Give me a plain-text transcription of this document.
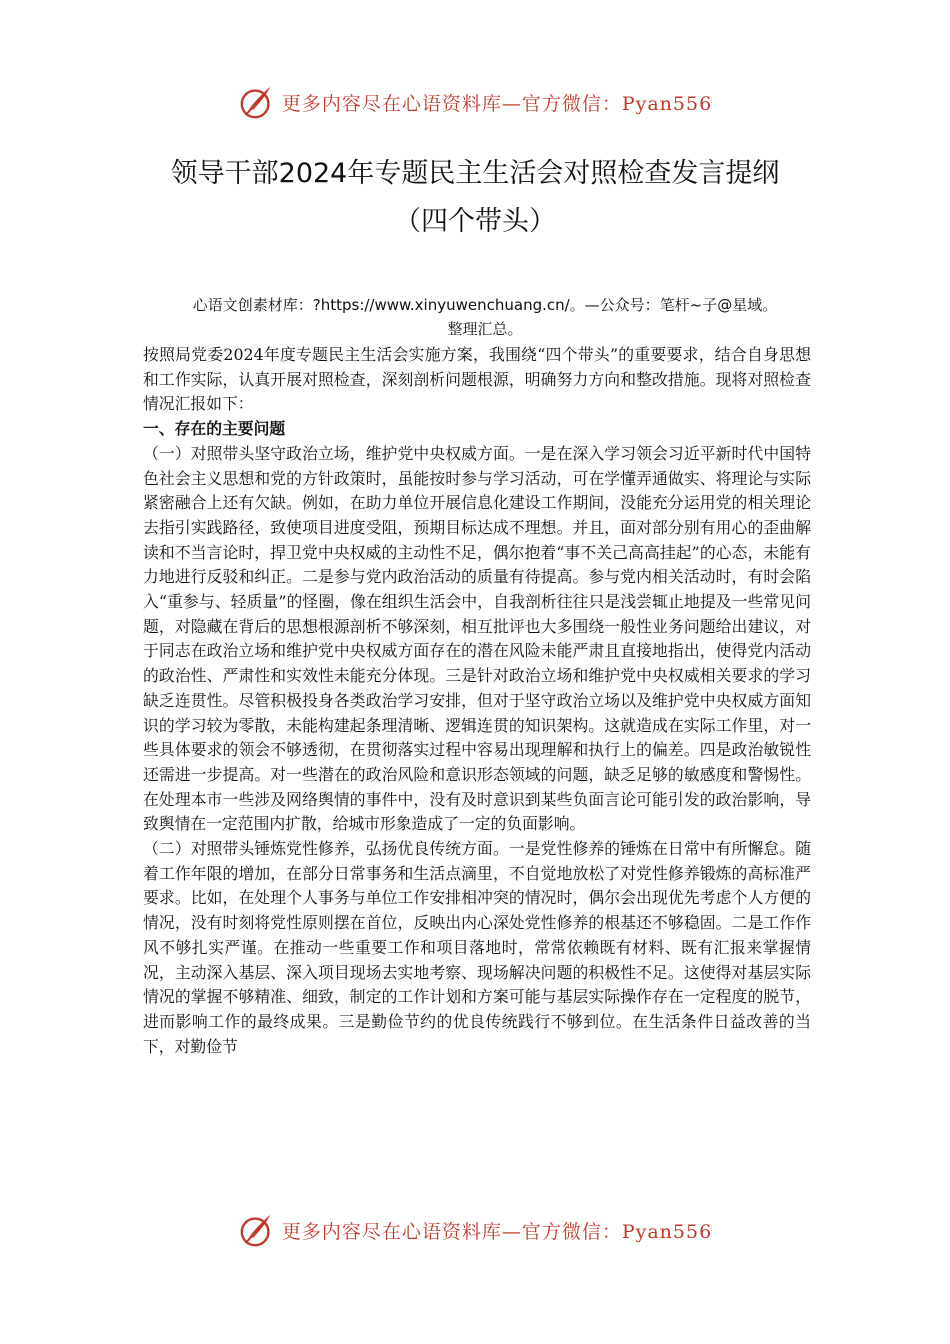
更多内容尽在心语资料库—官方微信：Pyan556
领导干部2024年专题民主生活会对照检查发言提纲
（四个带头）
心语文创素材库：?https://www.xinyuwenchuang.cn/。—公众号：笔杆~子@星域。
整理汇总。

按照局党委2024年度专题民主生活会实施方案，我围绕“四个带头”的重要要求，结合自身思想和工作实际，认真开展对照检查，深刻剖析问题根源，明确努力方向和整改措施。现将对照检查情况汇报如下：

一、存在的主要问题

（一）对照带头坚守政治立场，维护党中央权威方面。一是在深入学习领会习近平新时代中国特色社会主义思想和党的方针政策时，虽能按时参与学习活动，可在学懂弄通做实、将理论与实际紧密融合上还有欠缺。例如，在助力单位开展信息化建设工作期间，没能充分运用党的相关理论去指引实践路径，致使项目进度受阻，预期目标达成不理想。并且，面对部分别有用心的歪曲解读和不当言论时，捍卫党中央权威的主动性不足，偶尔抱着“事不关己高高挂起”的心态，未能有力地进行反驳和纠正。二是参与党内政治活动的质量有待提高。参与党内相关活动时，有时会陷入“重参与、轻质量”的怪圈，像在组织生活会中，自我剖析往往只是浅尝辄止地提及一些常见问题，对隐藏在背后的思想根源剖析不够深刻，相互批评也大多围绕一般性业务问题给出建议，对于同志在政治立场和维护党中央权威方面存在的潜在风险未能严肃且直接地指出，使得党内活动的政治性、严肃性和实效性未能充分体现。三是针对政治立场和维护党中央权威相关要求的学习缺乏连贯性。尽管积极投身各类政治学习安排，但对于坚守政治立场以及维护党中央权威方面知识的学习较为零散，未能构建起条理清晰、逻辑连贯的知识架构。这就造成在实际工作里，对一些具体要求的领会不够透彻，在贯彻落实过程中容易出现理解和执行上的偏差。四是政治敏锐性还需进一步提高。对一些潜在的政治风险和意识形态领域的问题，缺乏足够的敏感度和警惕性。在处理本市一些涉及网络舆情的事件中，没有及时意识到某些负面言论可能引发的政治影响，导致舆情在一定范围内扩散，给城市形象造成了一定的负面影响。

（二）对照带头锤炼党性修养，弘扬优良传统方面。一是党性修养的锤炼在日常中有所懈怠。随着工作年限的增加，在部分日常事务和生活点滴里，不自觉地放松了对党性修养锻炼的高标准严要求。比如，在处理个人事务与单位工作安排相冲突的情况时，偶尔会出现优先考虑个人方便的情况，没有时刻将党性原则摆在首位，反映出内心深处党性修养的根基还不够稳固。二是工作作风不够扎实严谨。在推动一些重要工作和项目落地时，常常依赖既有材料、既有汇报来掌握情况，主动深入基层、深入项目现场去实地考察、现场解决问题的积极性不足。这使得对基层实际情况的掌握不够精准、细致，制定的工作计划和方案可能与基层实际操作存在一定程度的脱节，进而影响工作的最终成果。三是勤俭节约的优良传统践行不够到位。在生活条件日益改善的当下，对勤俭节

更多内容尽在心语资料库—官方微信：Pyan556
